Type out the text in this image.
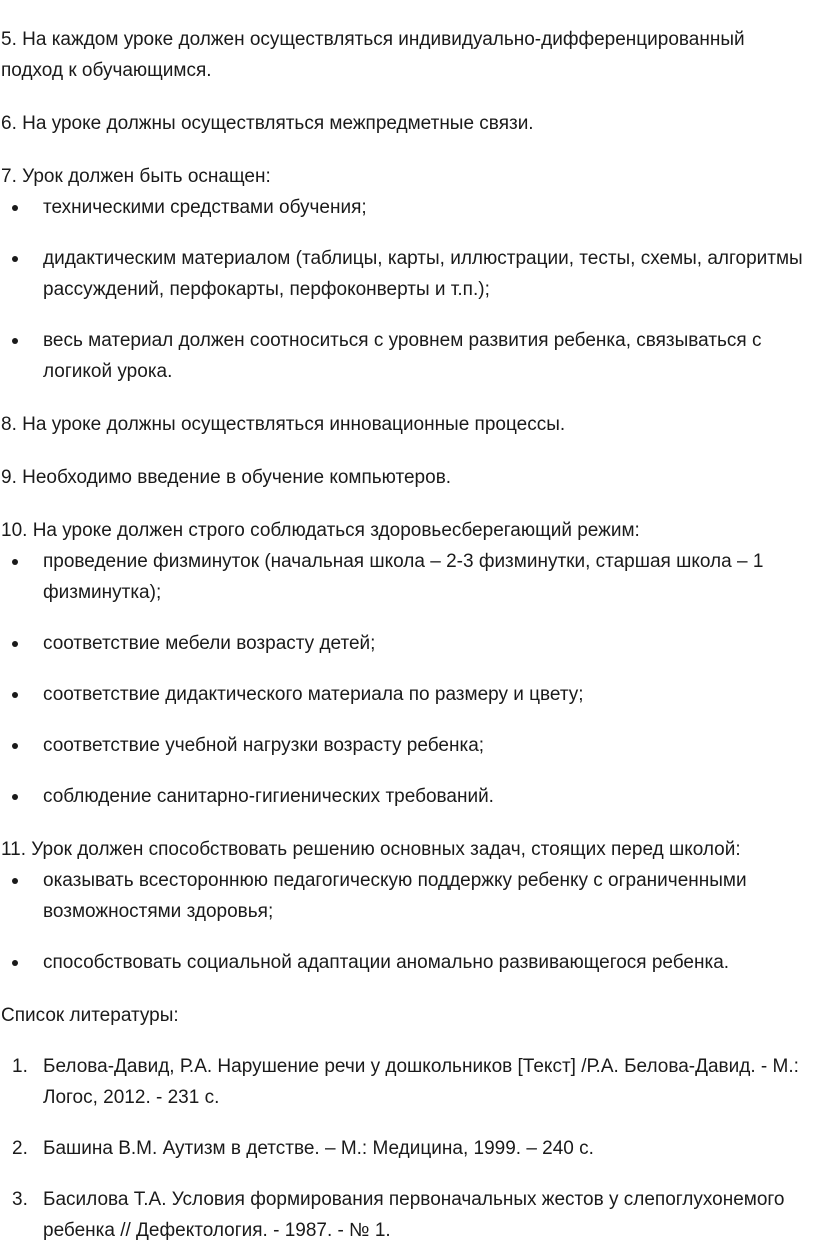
5. На каждом уроке должен осуществляться индивидуально-дифференцированный подход к обучающимся.

6. На уроке должны осуществляться межпредметные связи.

7. Урок должен быть оснащен:

техническими средствами обучения;
дидактическим материалом (таблицы, карты, иллюстрации, тесты, схемы, алгоритмы рассуждений, перфокарты, перфоконверты и т.п.);
весь материал должен соотноситься с уровнем развития ребенка, связываться с логикой урока.

8. На уроке должны осуществляться инновационные процессы.

9. Необходимо введение в обучение компьютеров.

10. На уроке должен строго соблюдаться здоровьесберегающий режим:

проведение физминуток (начальная школа – 2-3 физминутки, старшая школа – 1 физминутка);
соответствие мебели возрасту детей;
соответствие дидактического материала по размеру и цвету;
соответствие учебной нагрузки возрасту ребенка;
соблюдение санитарно-гигиенических требований.

11. Урок должен способствовать решению основных задач, стоящих перед школой:

оказывать всестороннюю педагогическую поддержку ребенку с ограниченными возможностями здоровья;
способствовать социальной адаптации аномально развивающегося ребенка.

Список литературы:

1. Белова-Давид, Р.А. Нарушение речи у дошкольников [Текст] /Р.А. Белова-Давид. - М.: Логос, 2012. - 231 с.
2. Башина В.М. Аутизм в детстве. – М.: Медицина, 1999. – 240 с.
3. Басилова Т.А. Условия формирования первоначальных жестов у слепоглухонемого ребенка // Дефектология. - 1987. - № 1.
